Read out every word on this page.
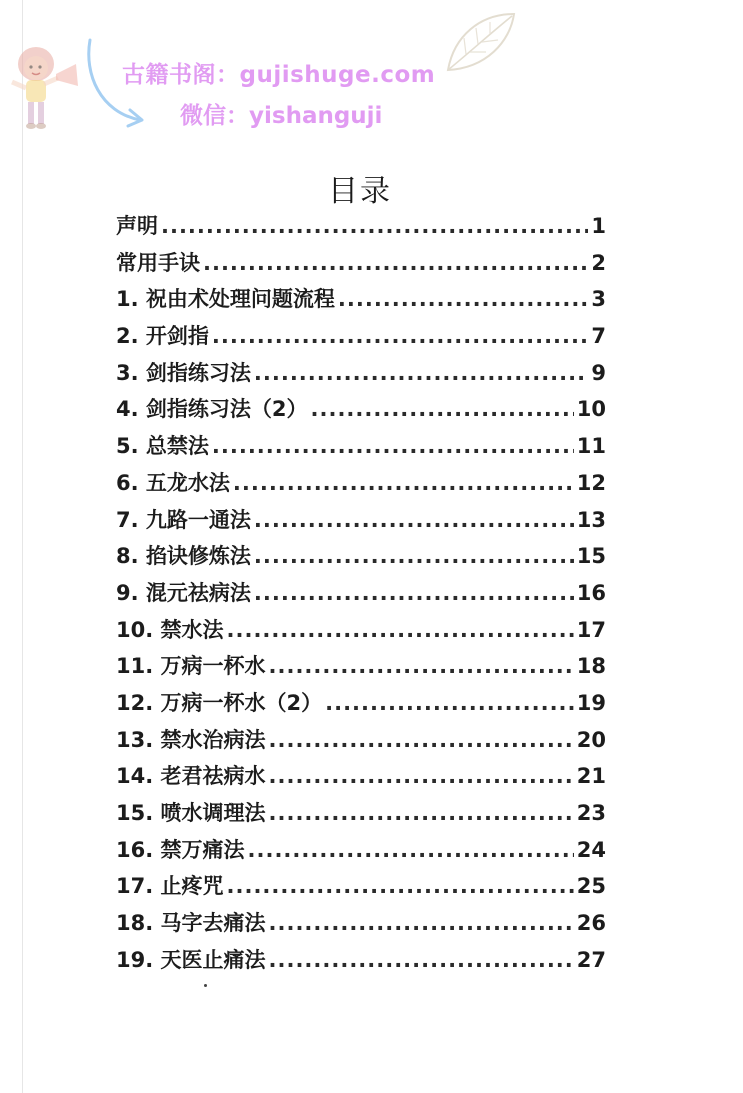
古籍书阁：gujishuge.com
微信：yishanguji
目录
声明 .....	1
常用手诀 .....	2
1. 祝由术处理问题流程 .....	3
2. 开剑指 .....	7
3. 剑指练习法 .....	9
4. 剑指练习法（2） .....	10
5. 总禁法 .....	11
6. 五龙水法 .....	12
7. 九路一通法 .....	13
8. 掐诀修炼法 .....	15
9. 混元祛病法 .....	16
10. 禁水法 .....	17
11. 万病一杯水 .....	18
12. 万病一杯水（2） .....	19
13. 禁水治病法 .....	20
14. 老君祛病水 .....	21
15. 喷水调理法 .....	23
16. 禁万痛法 .....	24
17. 止疼咒 .....	25
18. 马字去痛法 .....	26
19. 天医止痛法 .....	27
